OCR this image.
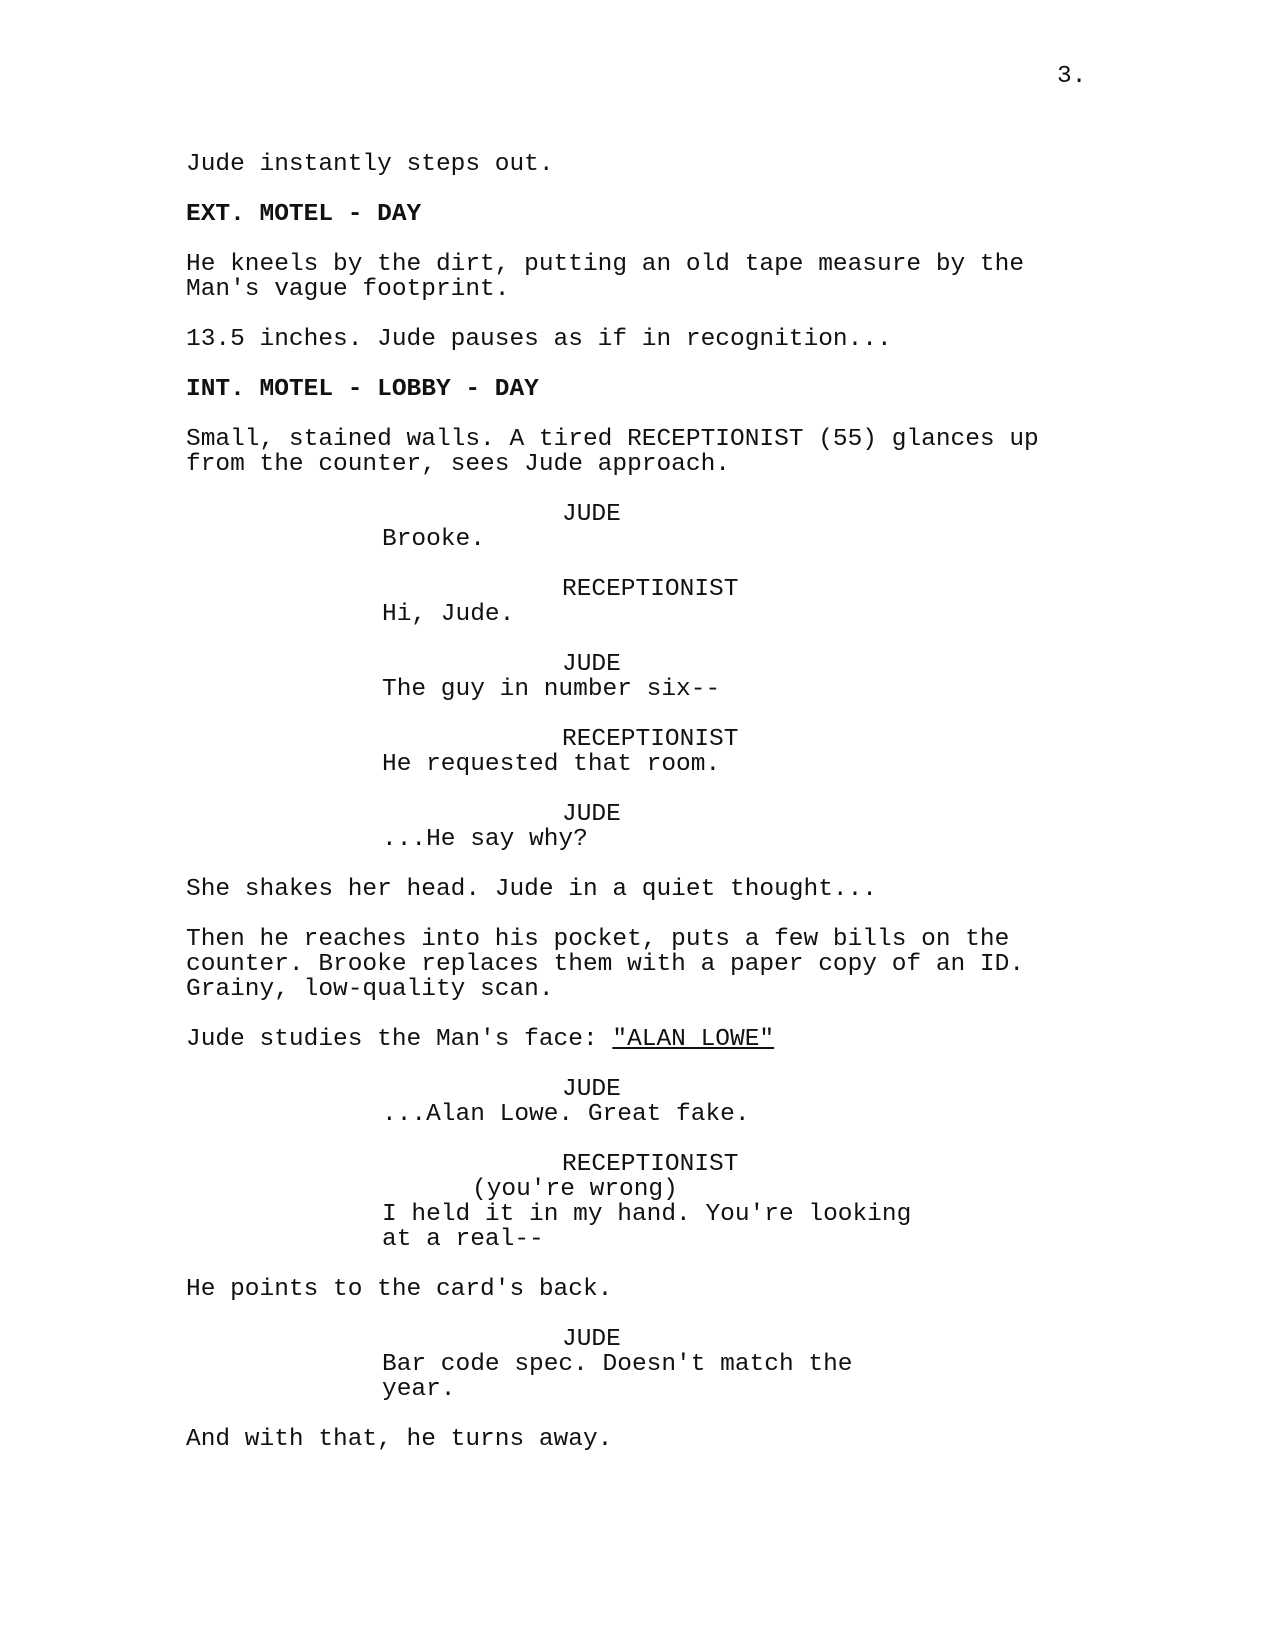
3.
Jude instantly steps out.
EXT. MOTEL - DAY
He kneels by the dirt, putting an old tape measure by the
Man's vague footprint.
13.5 inches. Jude pauses as if in recognition...
INT. MOTEL - LOBBY - DAY
Small, stained walls. A tired RECEPTIONIST (55) glances up
from the counter, sees Jude approach.
JUDE
Brooke.
RECEPTIONIST
Hi, Jude.
JUDE
The guy in number six--
RECEPTIONIST
He requested that room.
JUDE
...He say why?
She shakes her head. Jude in a quiet thought...
Then he reaches into his pocket, puts a few bills on the
counter. Brooke replaces them with a paper copy of an ID.
Grainy, low-quality scan.
Jude studies the Man's face: "ALAN LOWE"
JUDE
...Alan Lowe. Great fake.
RECEPTIONIST
(you're wrong)
I held it in my hand. You're looking
at a real--
He points to the card's back.
JUDE
Bar code spec. Doesn't match the
year.
And with that, he turns away.
